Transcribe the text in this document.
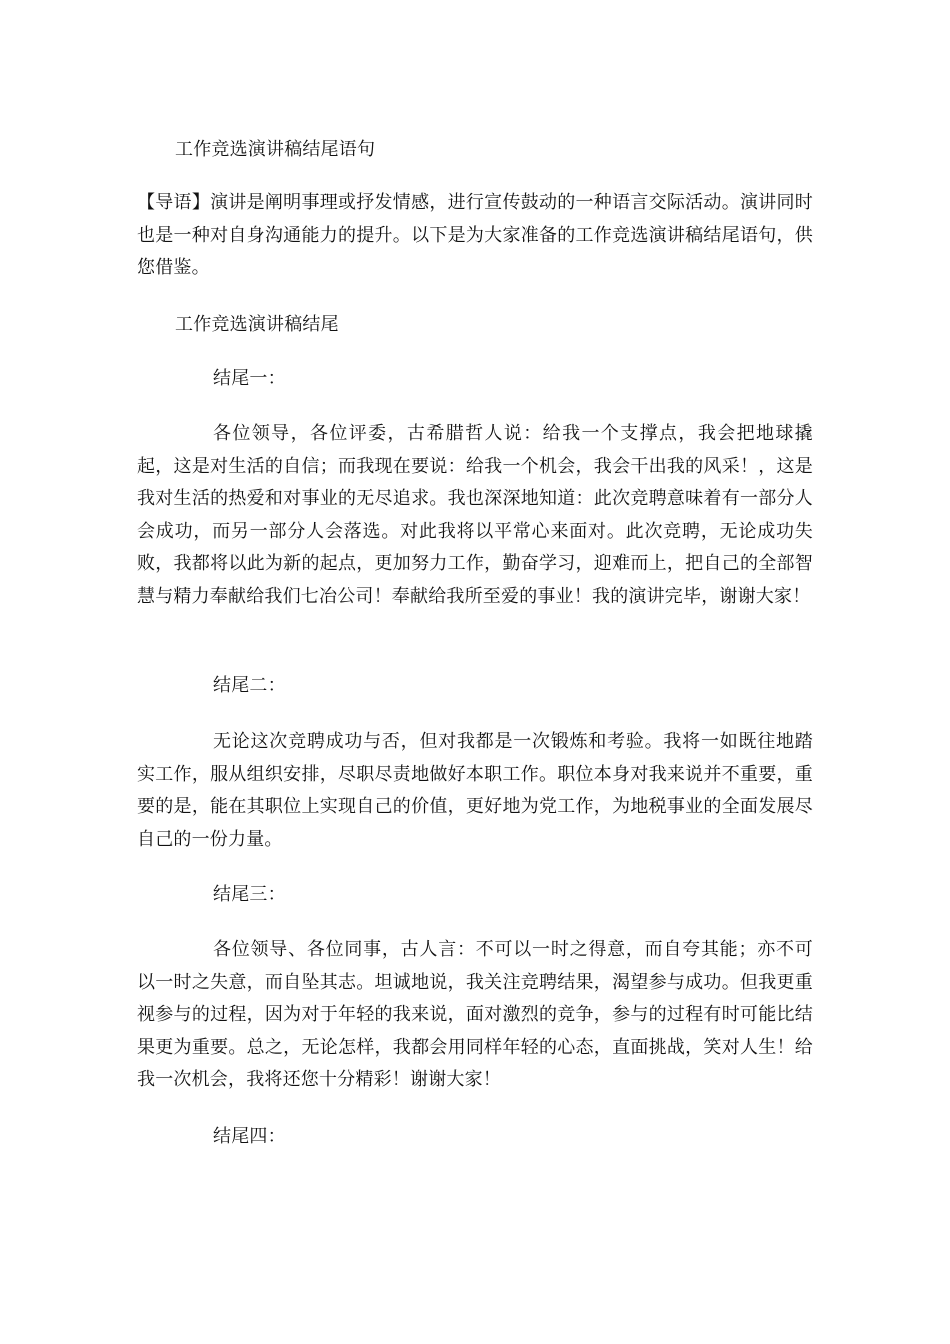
工作竞选演讲稿结尾语句
【导语】演讲是阐明事理或抒发情感，进行宣传鼓动的一种语言交际活动。演讲同时也是一种对自身沟通能力的提升。以下是为大家准备的工作竞选演讲稿结尾语句，供您借鉴。
工作竞选演讲稿结尾
结尾一：
各位领导，各位评委，古希腊哲人说：给我一个支撑点，我会把地球撬起，这是对生活的自信；而我现在要说：给我一个机会，我会干出我的风采！，这是我对生活的热爱和对事业的无尽追求。我也深深地知道：此次竞聘意味着有一部分人会成功，而另一部分人会落选。对此我将以平常心来面对。此次竞聘，无论成功失败，我都将以此为新的起点，更加努力工作，勤奋学习，迎难而上，把自己的全部智慧与精力奉献给我们七冶公司！奉献给我所至爱的事业！我的演讲完毕，谢谢大家！
结尾二：
无论这次竞聘成功与否，但对我都是一次锻炼和考验。我将一如既往地踏实工作，服从组织安排，尽职尽责地做好本职工作。职位本身对我来说并不重要，重要的是，能在其职位上实现自己的价值，更好地为党工作，为地税事业的全面发展尽自己的一份力量。
结尾三：
各位领导、各位同事，古人言：不可以一时之得意，而自夸其能；亦不可以一时之失意，而自坠其志。坦诚地说，我关注竞聘结果，渴望参与成功。但我更重视参与的过程，因为对于年轻的我来说，面对激烈的竞争，参与的过程有时可能比结果更为重要。总之，无论怎样，我都会用同样年轻的心态，直面挑战，笑对人生！给我一次机会，我将还您十分精彩！谢谢大家！
结尾四：
